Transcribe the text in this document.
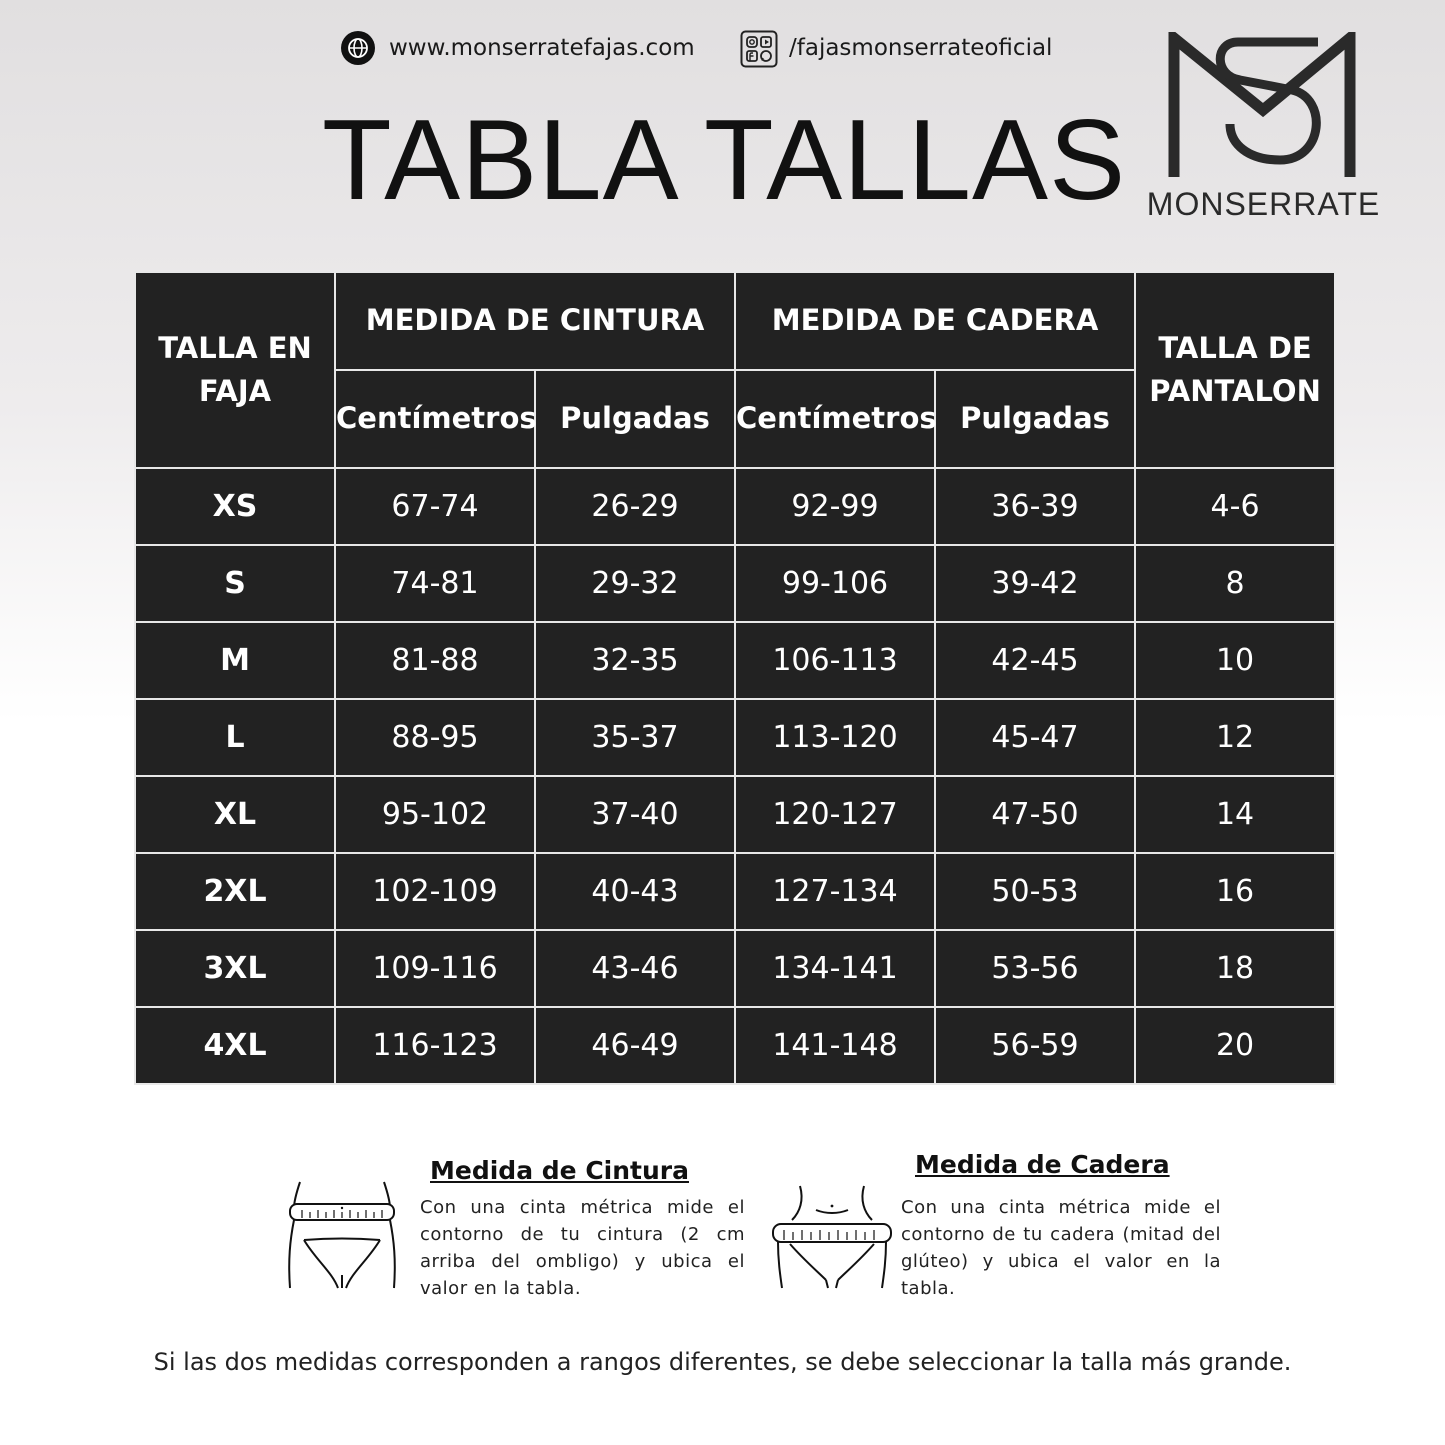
www.monserratefajas.com	/fajasmonserrateoficial
TABLA TALLAS MONSERRATE
TALLA EN FAJA	MEDIDA DE CINTURA		MEDIDA DE CADERA		TALLA DE PANTALON
	Centímetros	Pulgadas	Centímetros	Pulgadas	
XS	67-74	26-29	92-99	36-39	4-6
S	74-81	29-32	99-106	39-42	8
M	81-88	32-35	106-113	42-45	10
L	88-95	35-37	113-120	45-47	12
XL	95-102	37-40	120-127	47-50	14
2XL	102-109	40-43	127-134	50-53	16
3XL	109-116	43-46	134-141	53-56	18
4XL	116-123	46-49	141-148	56-59	20
Medida de Cintura

Con una cinta métrica mide el contorno de tu cintura (2 cm arriba del ombligo) y ubica el valor en la tabla.

Medida de Cadera

Con una cinta métrica mide el contorno de tu cadera (mitad del glúteo) y ubica el valor en la tabla.

Si las dos medidas corresponden a rangos diferentes, se debe seleccionar la talla más grande.
